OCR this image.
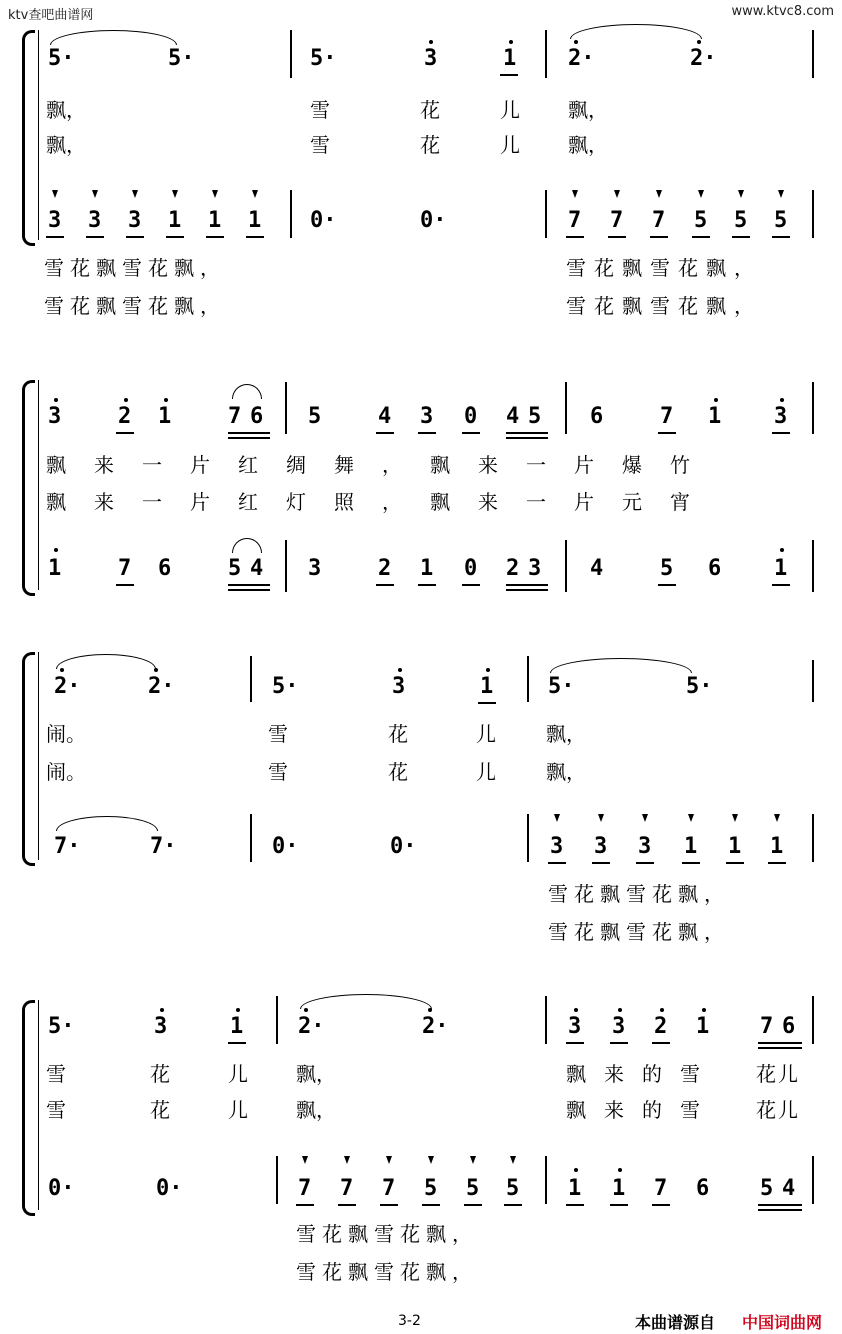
ktv查吧曲谱网	www.ktvc8.com
5·	5·	5·	3	1 2·	2·
飘，	雪	花	儿 飘，
飘，	雪	花	儿 飘，
3 3 3 1 1 1 0·	0·	7 7 7 5 5 5
雪花飘雪花飘，
雪花飘雪花飘，
雪花飘雪花飘，
雪花飘雪花飘，
3	2 1	7 6 5	4 3 0 4 5 6	7 1 3
飘来一片红绸舞，飘来一片爆竹
飘来一片红灯照，飘来一片元宵
1	7 6	5 4 3	2 1 0 2 3 4	5 6 1
2·	2·	5·	3	1 5·	5·
闹。	雪	花	儿	飘，
闹。	雪	花	儿	飘，
7·	7·	0·	0·	3 3 3 1 1 1
雪花飘雪花飘，
雪花飘雪花飘，
5·	3	1 2·	2·	3 3 2 1 7 6
雪	花	儿 飘，	飘来的雪 花儿
雪	花	儿 飘，	飘来的雪 花儿
0·	0·	7 7 7 5 5 5 1 1 7 6 5 4
雪花飘雪花飘，
雪花飘雪花飘，
3-2	本曲谱源自 中国词曲网
